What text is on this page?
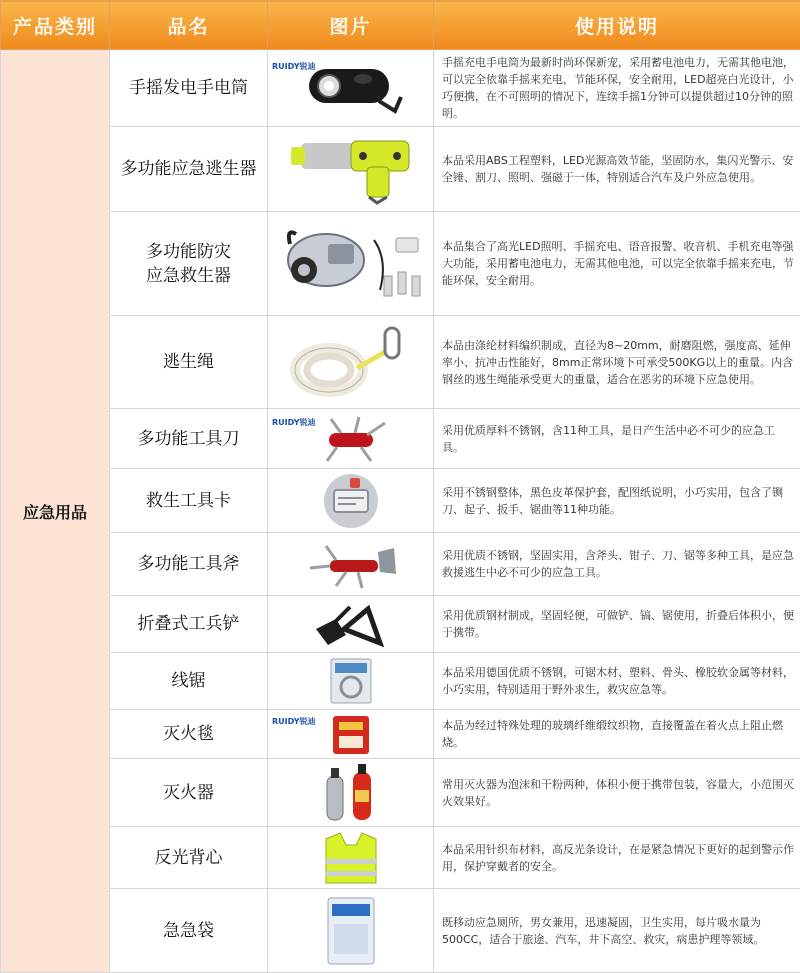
产品类别	品名	图片	使用说明
应急用品	手摇发电手电筒	RUIDY锐迪	手摇充电手电筒为最新时尚环保新宠，采用蓄电池电力，无需其他电池，可以完全依靠手摇来充电，节能环保，安全耐用，LED超亮白光设计，小巧便携，在不可照明的情况下，连续手摇1分钟可以提供超过10分钟的照明。
	多功能应急逃生器		本品采用ABS工程塑料，LED光源高效节能，坚固防水，集闪光警示、安全锤、割刀、照明、强磁于一体，特别适合汽车及户外应急使用。
	多功能防灾应急救生器		本品集合了高光LED照明、手摇充电、语音报警、收音机、手机充电等强大功能，采用蓄电池电力，无需其他电池，可以完全依靠手摇来充电，节能环保，安全耐用。
	逃生绳		本品由涤纶材料编织制成，直径为8~20mm，耐磨阻燃，强度高、延伸率小、抗冲击性能好，8mm正常环境下可承受500KG以上的重量。内含钢丝的逃生绳能承受更大的重量，适合在恶劣的环境下应急使用。
	多功能工具刀	RUIDY锐迪	采用优质厚料不锈钢，含11种工具，是日产生活中必不可少的应急工具。
	救生工具卡		采用不锈钢整体，黑色皮革保护套，配图纸说明，小巧实用，包含了铡刀、起子、扳手、锯曲等11种功能。
	多功能工具斧		采用优质不锈钢，坚固实用，含斧头、钳子、刀、锯等多种工具，是应急救援逃生中必不可少的应急工具。
	折叠式工兵铲		采用优质钢材制成，坚固轻便，可做铲、镐、锯使用，折叠后体积小，便于携带。
	线锯		本品采用德国优质不锈钢，可锯木材、塑料、骨头、橡胶软金属等材料，小巧实用，特别适用于野外求生，救灾应急等。
	灭火毯	RUIDY锐迪	本品为经过特殊处理的玻璃纤维缎纹织物，直接覆盖在着火点上阻止燃烧。
	灭火器		常用灭火器为泡沫和干粉两种，体积小便于携带包装，容量大，小范围灭火效果好。
	反光背心		本品采用针织布材料，高反光条设计，在是紧急情况下更好的起到警示作用，保护穿戴者的安全。
	急急袋		既移动应急厕所，男女兼用，迅速凝固，卫生实用，每片吸水量为500CC，适合于旅途、汽车，井下高空、救灾，病患护理等领域。
